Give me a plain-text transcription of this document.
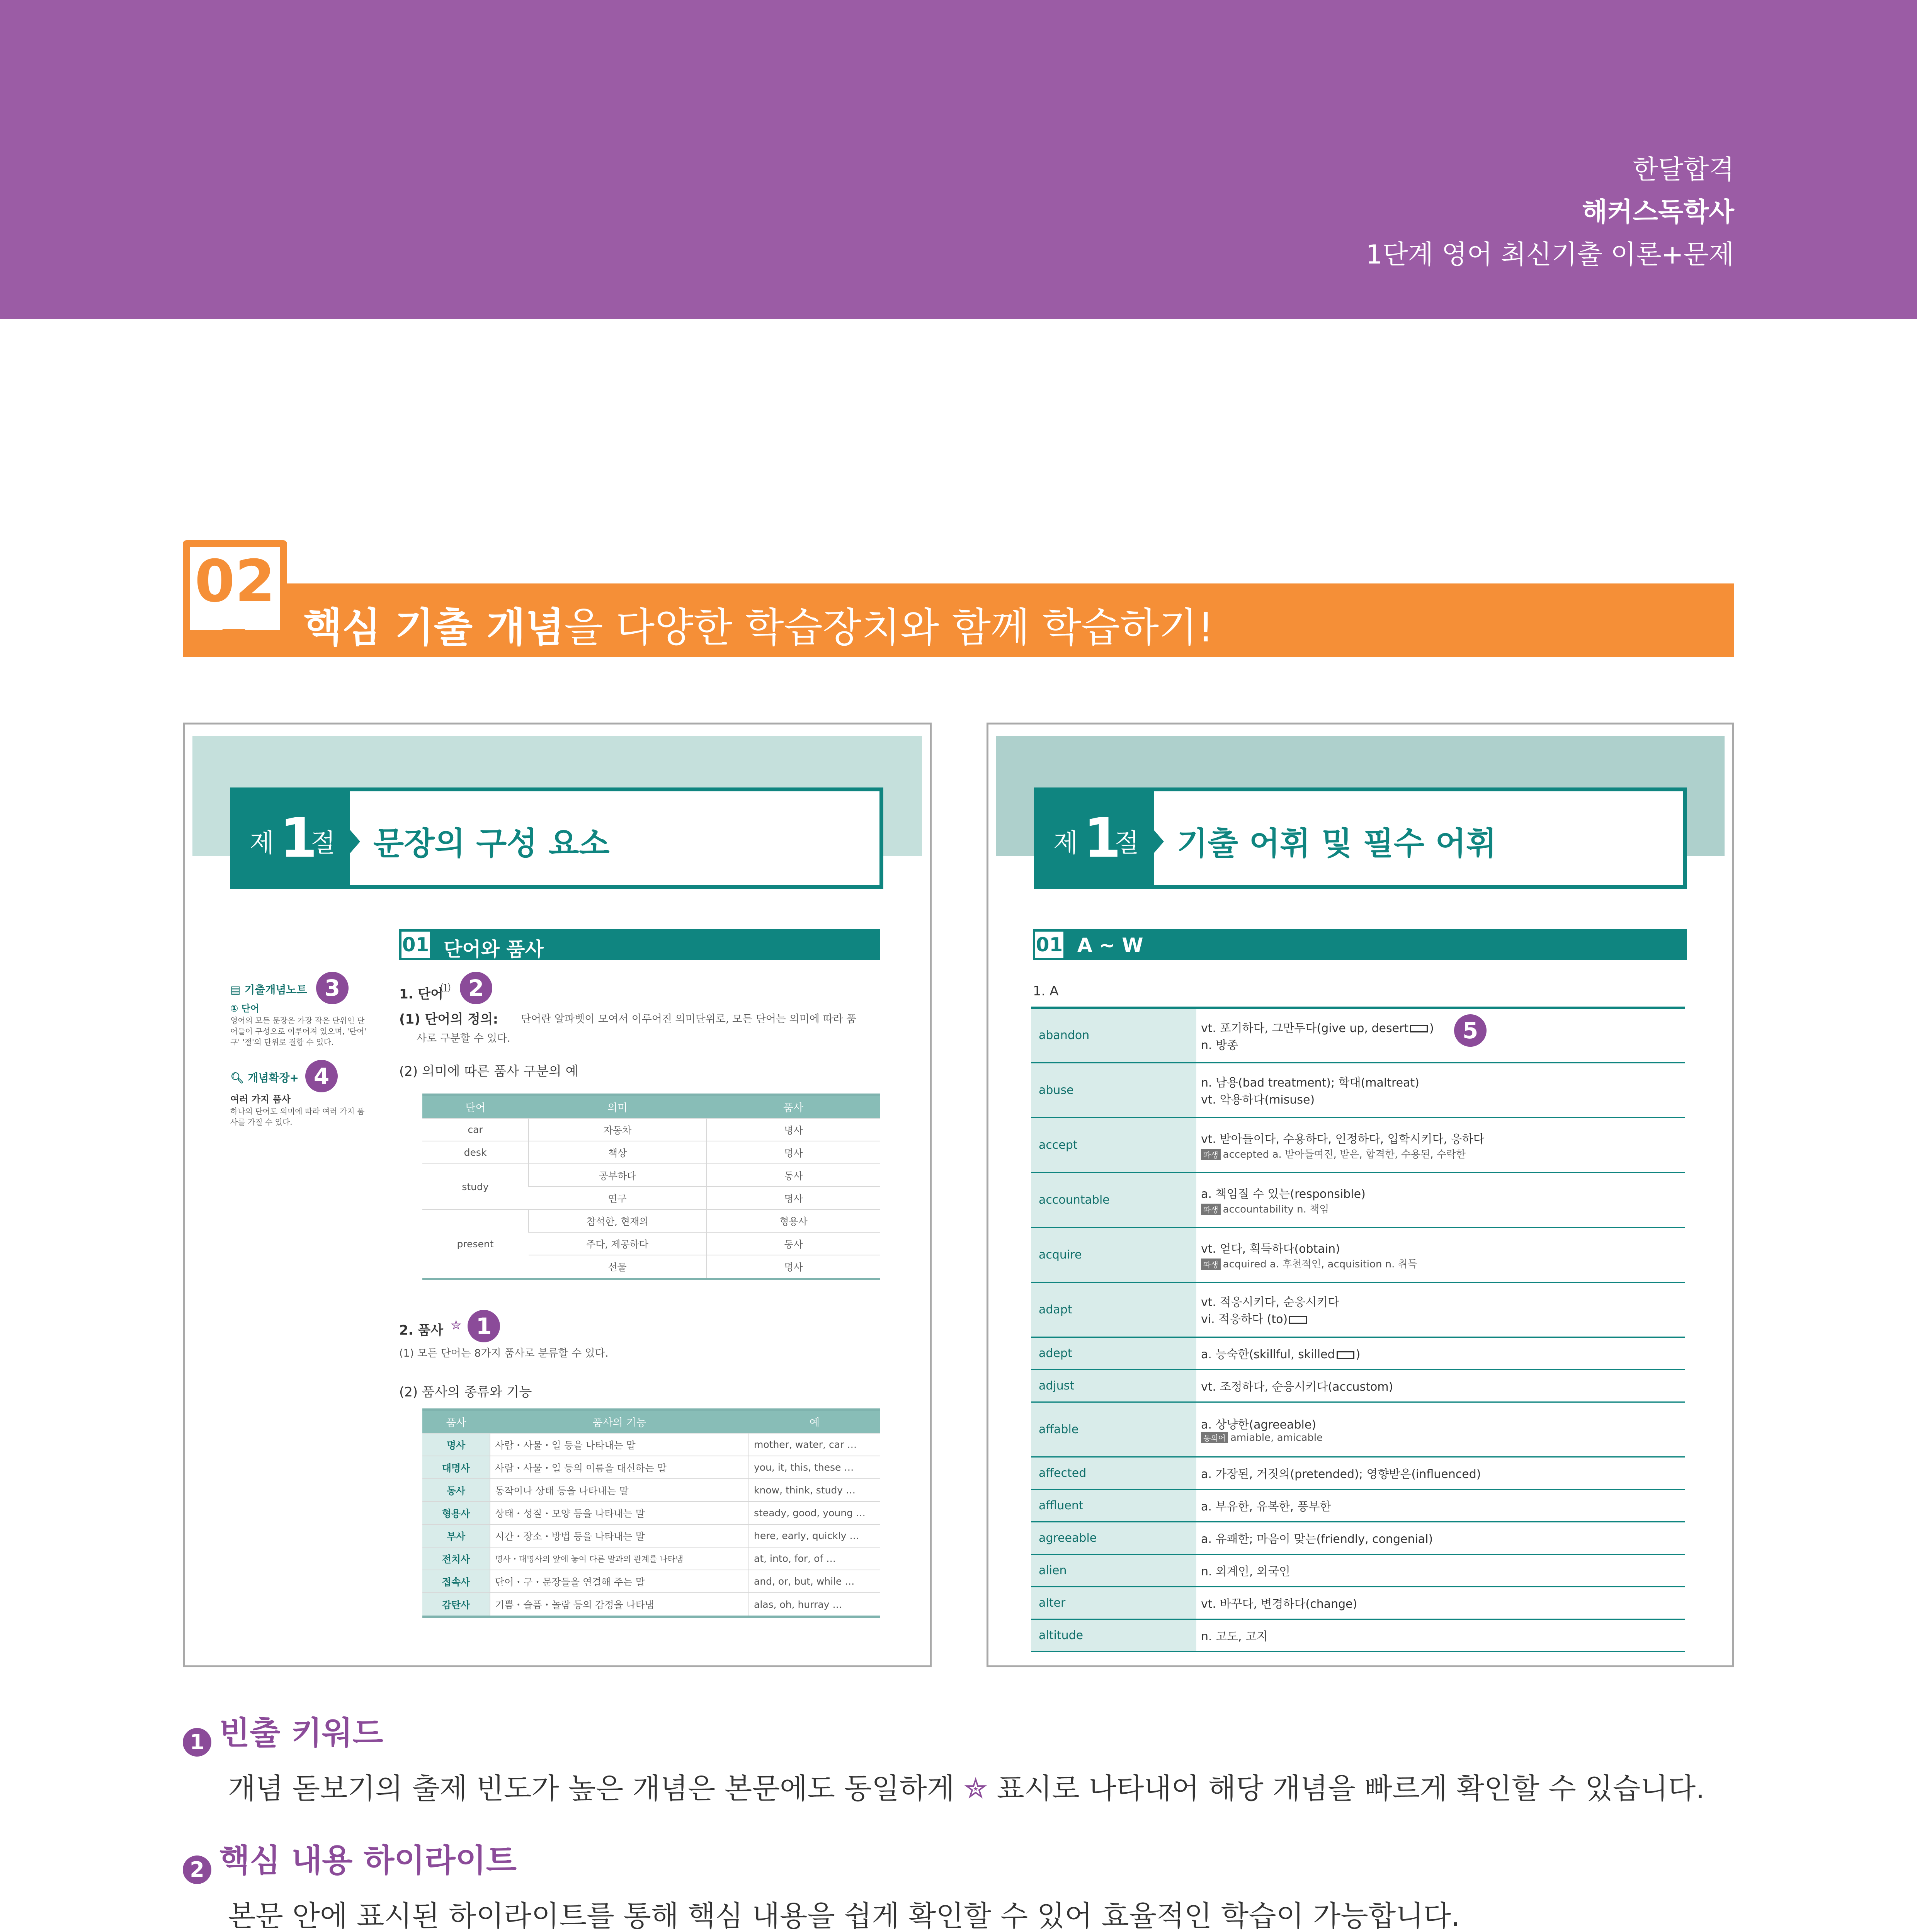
한달합격
해커스독학사
1단계 영어 최신기출 이론+문제
02
핵심 기출 개념을 다양한 학습장치와 함께 학습하기!
제 1
절 문장의 구성 요소
01 단어와 품사
▤ 기출개념노트 3
① 단어
영어의 모든 문장은 가장 작은 단위인 단
어들이 구성으로 이루어져 있으며, '단어'
구' '절'의 단위로 결합 수 있다.
🔍︎ 개념확장+ 4
여러 가지 품사
하나의 단어도 의미에 따라 여러 가지 품
사를 가질 수 있다.
1. 단어
⑴ 2
(1) 단어의 정의: 단어란 알파벳이 모여서 이루어진 의미단위로, 모든 단어는 의미에 따라 품
사로 구분할 수 있다.
(2) 의미에 따른 품사 구분의 예
단어	의미	품사
car	자동차	명사
desk	책상	명사
study	공부하다	동사
	연구	명사
present	참석한, 현재의	형용사
	주다, 제공하다	동사
	선물	명사
2. 품사 ✮ 1
(1) 모든 단어는 8가지 품사로 분류할 수 있다.
(2) 품사의 종류와 기능
품사	품사의 기능	예
명사	사람・사물・일 등을 나타내는 말	mother, water, car …
대명사	사람・사물・일 등의 이름을 대신하는 말	you, it, this, these …
동사	동작이나 상태 등을 나타내는 말	know, think, study …
형용사	상태・성질・모양 등을 나타내는 말	steady, good, young …
부사	시간・장소・방법 등을 나타내는 말	here, early, quickly …
전치사	명사・대명사의 앞에 놓여 다른 말과의 관계를 나타냄	at, into, for, of …
접속사	단어・구・문장들을 연결해 주는 말	and, or, but, while …
감탄사	기쁨・슬픔・놀람 등의 감정을 나타냄	alas, oh, hurray …
제 1
절 기출 어휘 및 필수 어휘
01 A ~ W
1. A
5
abandon	vt. 포기하다, 그만두다(give up, desert )
n. 방종

abuse	n. 남용(bad treatment); 학대(maltreat)
vt. 악용하다(misuse)

accept	vt. 받아들이다, 수용하다, 인정하다, 입학시키다, 응하다
파생 accepted a. 받아들여진, 받은, 합격한, 수용된, 수락한

accountable	a. 책임질 수 있는(responsible)
파생 accountability n. 책임

acquire	vt. 얻다, 획득하다(obtain)
파생 acquired a. 후천적인, acquisition n. 취득

adapt	vt. 적응시키다, 순응시키다
vi. 적응하다 (to)

adept	a. 능숙한(skillful, skilled )
adjust	vt. 조정하다, 순응시키다(accustom)
affable	a. 상냥한(agreeable)
동의어 amiable, amicable

affected	a. 가장된, 거짓의(pretended); 영향받은(influenced)
affluent	a. 부유한, 유복한, 풍부한
agreeable	a. 유쾌한; 마음이 맞는(friendly, congenial)
alien	n. 외계인, 외국인
alter	vt. 바꾸다, 변경하다(change)
altitude	n. 고도, 고지
1 빈출 키워드
개념 돋보기의 출제 빈도가 높은 개념은 본문에도 동일하게 ✮ 표시로 나타내어 해당 개념을 빠르게 확인할 수 있습니다.
2 핵심 내용 하이라이트
본문 안에 표시된 하이라이트를 통해 핵심 내용을 쉽게 확인할 수 있어 효율적인 학습이 가능합니다.
